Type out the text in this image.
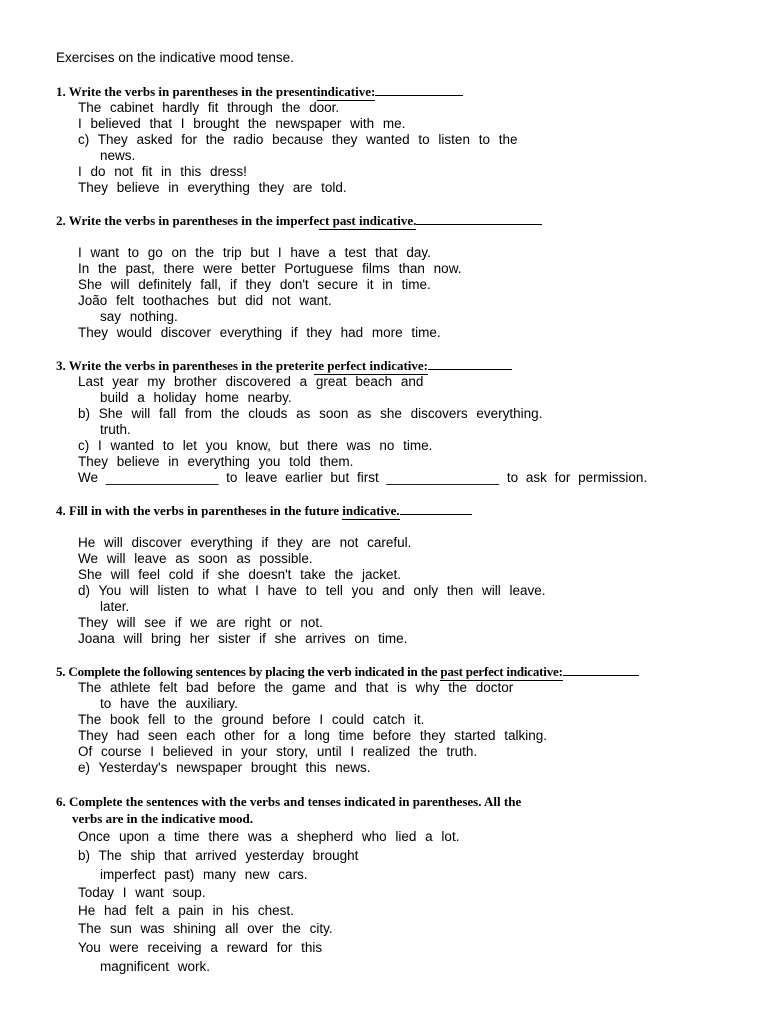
Exercises on the indicative mood tense.
1. Write the verbs in parentheses in the presentindicative:
The cabinet hardly fit through the door.
I believed that I brought the newspaper with me.
c) They asked for the radio because they wanted to listen to the
news.
I do not fit in this dress!
They believe in everything they are told.
2. Write the verbs in parentheses in the imperfect past indicative.
I want to go on the trip but I have a test that day.
In the past, there were better Portuguese films than now.
She will definitely fall, if they don't secure it in time.
João felt toothaches but did not want.
say nothing.
They would discover everything if they had more time.
3. Write the verbs in parentheses in the preterite perfect indicative:
Last year my brother discovered a great beach and
build a holiday home nearby.
b) She will fall from the clouds as soon as she discovers everything.
truth.
c) I wanted to let you know, but there was no time.
They believe in everything you told them.
We _______________ to leave earlier but first _______________ to ask for permission.
4. Fill in with the verbs in parentheses in the future indicative.
He will discover everything if they are not careful.
We will leave as soon as possible.
She will feel cold if she doesn't take the jacket.
d) You will listen to what I have to tell you and only then will leave.
later.
They will see if we are right or not.
Joana will bring her sister if she arrives on time.
5. Complete the following sentences by placing the verb indicated in the past perfect indicative:
The athlete felt bad before the game and that is why the doctor
to have the auxiliary.
The book fell to the ground before I could catch it.
They had seen each other for a long time before they started talking.
Of course I believed in your story, until I realized the truth.
e) Yesterday's newspaper brought this news.
6. Complete the sentences with the verbs and tenses indicated in parentheses. All the
verbs are in the indicative mood.
Once upon a time there was a shepherd who lied a lot.
b) The ship that arrived yesterday brought
imperfect past) many new cars.
Today I want soup.
He had felt a pain in his chest.
The sun was shining all over the city.
You were receiving a reward for this
magnificent work.
